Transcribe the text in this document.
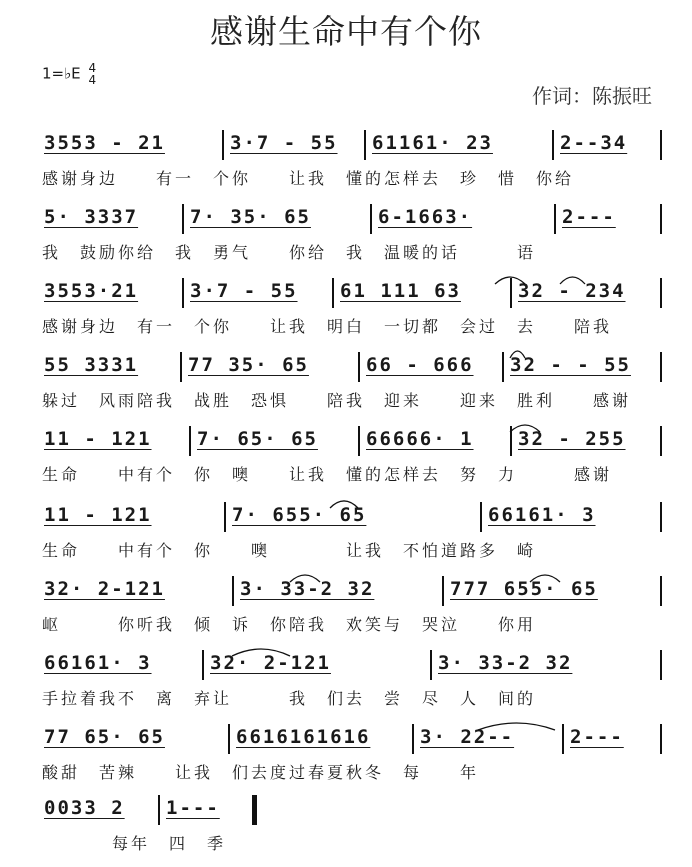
感谢生命中有个你
1=♭E 4
4
作词：陈振旺
3553 - 21	3·7 - 55 61161· 23	2--34
感谢身边　　有一　个你　　让我　懂的怎样去　珍　惜　你给
5· 3337	7· 35· 65	6-1663·	2---
我　鼓励你给　我　勇气　　你给　我　温暖的话　　　语
3553·21	3·7 - 55 61 111 63	32 - 234
感谢身边　有一　个你　　让我　明白　一切都　会过　去　　陪我
55 3331	77 35· 65	66 - 666 32 - - 55
躲过　风雨陪我　战胜　恐惧　　陪我　迎来　　迎来　胜利　　感谢
11 - 121 7· 65· 65	66666· 1 32 - 255
生命　　中有个　你　噢　　让我　懂的怎样去　努　力　　　感谢
11 - 121	7· 655· 65	66161· 3
生命　　中有个　你　　噢　　　　让我　不怕道路多　崎
32· 2-121	3· 33-2 32	777 655· 65
岖　　　你听我　倾　诉　你陪我　欢笑与　哭泣　　你用
66161· 3	32· 2-121	3· 33-2 32
手拉着我不　离　弃让　　　我　们去　尝　尽　人　间的
77 65· 65	6616161616	3· 22--	2---
酸甜　苦辣　　让我　们去度过春夏秋冬　每　　年
0033 2 1---
　　每年　四　季
